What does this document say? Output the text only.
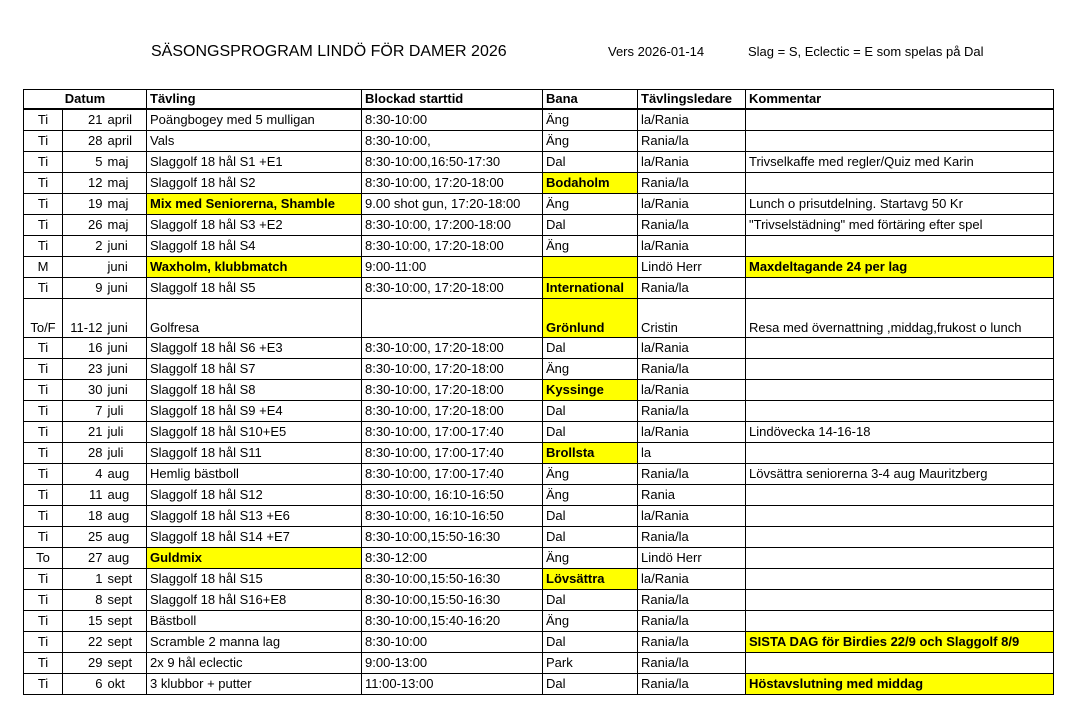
SÄSONGSPROGRAM LINDÖ FÖR DAMER 2026	Vers 2026-01-14	Slag = S, Eclectic = E som spelas på Dal
Datum			Tävling	Blockad starttid	Bana	Tävlingsledare	Kommentar
Ti	21	april	Poängbogey med 5 mulligan	8:30-10:00	Äng	la/Rania	
Ti	28	april	Vals	8:30-10:00,	Äng	Rania/la	
Ti	5	maj	Slaggolf 18 hål S1 +E1	8:30-10:00,16:50-17:30	Dal	la/Rania	Trivselkaffe med regler/Quiz med Karin
Ti	12	maj	Slaggolf 18 hål S2	8:30-10:00, 17:20-18:00	Bodaholm	Rania/la	
Ti	19	maj	Mix med Seniorerna, Shamble	9.00 shot gun, 17:20-18:00	Äng	la/Rania	Lunch o prisutdelning. Startavg 50 Kr
Ti	26	maj	Slaggolf 18 hål S3 +E2	8:30-10:00, 17:200-18:00	Dal	Rania/la	"Trivselstädning" med förtäring efter spel
Ti	2	juni	Slaggolf 18 hål S4	8:30-10:00, 17:20-18:00	Äng	la/Rania	
M		juni	Waxholm, klubbmatch	9:00-11:00		Lindö Herr	Maxdeltagande 24 per lag
Ti	9	juni	Slaggolf 18 hål S5	8:30-10:00, 17:20-18:00	International	Rania/la	
To/F	11-12	juni	Golfresa		Grönlund	Cristin	Resa med övernattning ,middag,frukost o lunch
Ti	16	juni	Slaggolf 18 hål S6 +E3	8:30-10:00, 17:20-18:00	Dal	la/Rania	
Ti	23	juni	Slaggolf 18 hål S7	8:30-10:00, 17:20-18:00	Äng	Rania/la	
Ti	30	juni	Slaggolf 18 hål S8	8:30-10:00, 17:20-18:00	Kyssinge	la/Rania	
Ti	7	juli	Slaggolf 18 hål S9 +E4	8:30-10:00, 17:20-18:00	Dal	Rania/la	
Ti	21	juli	Slaggolf 18 hål S10+E5	8:30-10:00, 17:00-17:40	Dal	la/Rania	Lindövecka 14-16-18
Ti	28	juli	Slaggolf 18 hål S11	8:30-10:00, 17:00-17:40	Brollsta	la	
Ti	4	aug	Hemlig bästboll	8:30-10:00, 17:00-17:40	Äng	Rania/la	Lövsättra seniorerna 3-4 aug Mauritzberg
Ti	11	aug	Slaggolf 18 hål S12	8:30-10:00, 16:10-16:50	Äng	Rania	
Ti	18	aug	Slaggolf 18 hål S13 +E6	8:30-10:00, 16:10-16:50	Dal	la/Rania	
Ti	25	aug	Slaggolf 18 hål S14 +E7	8:30-10:00,15:50-16:30	Dal	Rania/la	
To	27	aug	Guldmix	8:30-12:00	Äng	Lindö Herr	
Ti	1	sept	Slaggolf 18 hål S15	8:30-10:00,15:50-16:30	Lövsättra	la/Rania	
Ti	8	sept	Slaggolf 18 hål S16+E8	8:30-10:00,15:50-16:30	Dal	Rania/la	
Ti	15	sept	Bästboll	8:30-10:00,15:40-16:20	Äng	Rania/la	
Ti	22	sept	Scramble 2 manna lag	8:30-10:00	Dal	Rania/la	SISTA DAG för Birdies 22/9 och Slaggolf 8/9
Ti	29	sept	2x 9 hål eclectic	9:00-13:00	Park	Rania/la	
Ti	6	okt	3 klubbor + putter	11:00-13:00	Dal	Rania/la	Höstavslutning med middag
